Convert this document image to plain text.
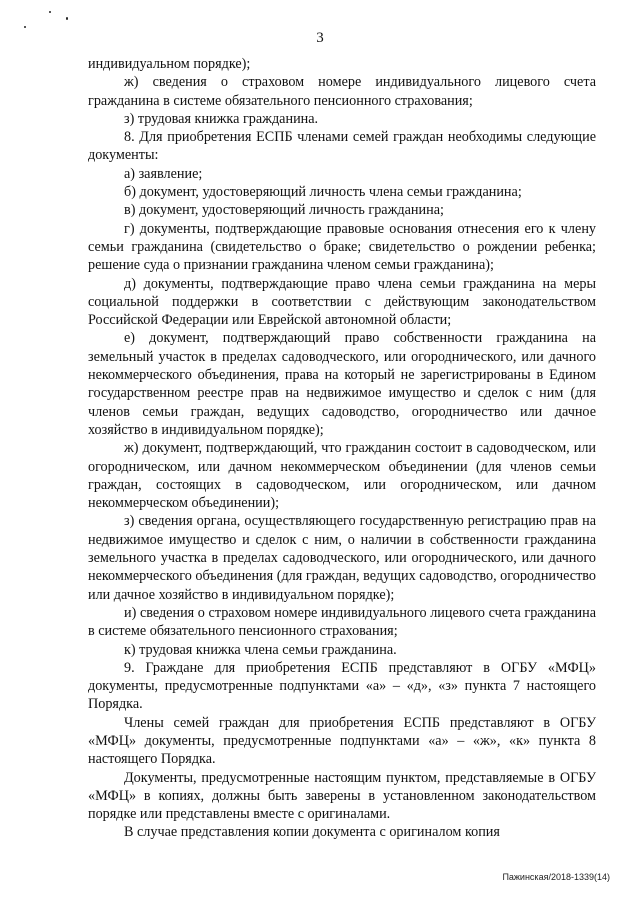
3

индивидуальном порядке);

ж) сведения о страховом номере индивидуального лицевого счета гражданина в системе обязательного пенсионного страхования;

з) трудовая книжка гражданина.

8. Для приобретения ЕСПБ членами семей граждан необходимы следующие документы:

а) заявление;

б) документ, удостоверяющий личность члена семьи гражданина;

в) документ, удостоверяющий личность гражданина;

г) документы, подтверждающие правовые основания отнесения его к члену семьи гражданина (свидетельство о браке; свидетельство о рождении ребенка; решение суда о признании гражданина членом семьи гражданина);

д) документы, подтверждающие право члена семьи гражданина на меры социальной поддержки в соответствии с действующим законодательством Российской Федерации или Еврейской автономной области;

е) документ, подтверждающий право собственности гражданина на земельный участок в пределах садоводческого, или огороднического, или дачного некоммерческого объединения, права на который не зарегистрированы в Едином государственном реестре прав на недвижимое имущество и сделок с ним (для членов семьи граждан, ведущих садоводство, огородничество или дачное хозяйство в индивидуальном порядке);

ж) документ, подтверждающий, что гражданин состоит в садоводческом, или огородническом, или дачном некоммерческом объединении (для членов семьи граждан, состоящих в садоводческом, или огородническом, или дачном некоммерческом объединении);

з) сведения органа, осуществляющего государственную регистрацию прав на недвижимое имущество и сделок с ним, о наличии в собственности гражданина земельного участка в пределах садоводческого, или огороднического, или дачного некоммерческого объединения (для граждан, ведущих садоводство, огородничество или дачное хозяйство в индивидуальном порядке);

и) сведения о страховом номере индивидуального лицевого счета гражданина в системе обязательного пенсионного страхования;

к) трудовая книжка члена семьи гражданина.

9. Граждане для приобретения ЕСПБ представляют в ОГБУ «МФЦ» документы, предусмотренные подпунктами «а» – «д», «з» пункта 7 настоящего Порядка.

Члены семей граждан для приобретения ЕСПБ представляют в ОГБУ «МФЦ» документы, предусмотренные подпунктами «а» – «ж», «к» пункта 8 настоящего Порядка.

Документы, предусмотренные настоящим пунктом, представляемые в ОГБУ «МФЦ» в копиях, должны быть заверены в установленном законодательством порядке или представлены вместе с оригиналами.

В случае представления копии документа с оригиналом копия

Пажинская/2018-1339(14)
